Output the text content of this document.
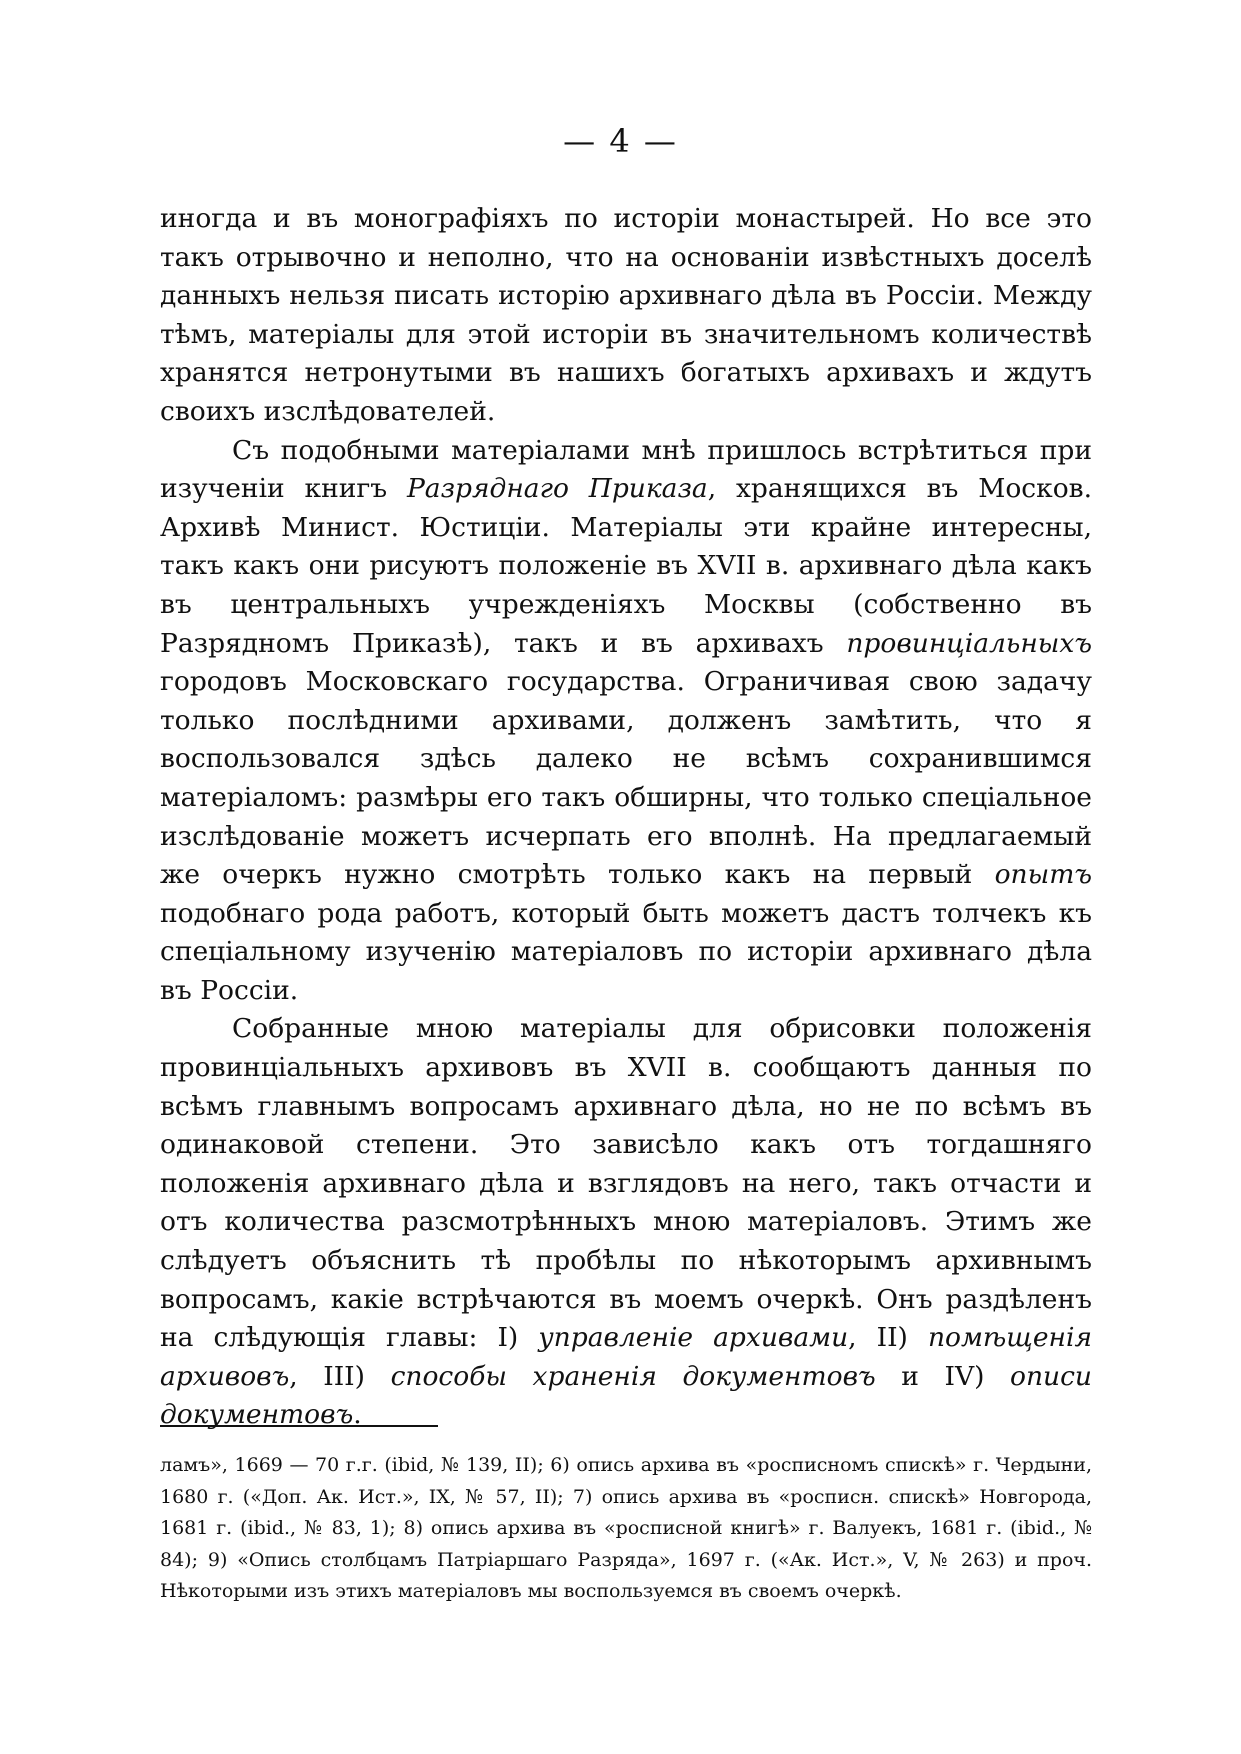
— 4 —

иногда и въ монографіяхъ по исторіи монастырей. Но все это такъ отрывочно и неполно, что на основаніи извѣстныхъ доселѣ данныхъ нельзя писать исторію архивнаго дѣла въ Россіи. Между тѣмъ, матеріалы для этой исторіи въ значительномъ количествѣ хранятся нетронутыми въ нашихъ богатыхъ архивахъ и ждутъ своихъ изслѣдователей.

Съ подобными матеріалами мнѣ пришлось встрѣтиться при изученіи книгъ Разряднаго Приказа, хранящихся въ Москов. Архивѣ Минист. Юстиціи. Матеріалы эти крайне интересны, такъ какъ они рисуютъ положеніе въ XVII в. архивнаго дѣла какъ въ центральныхъ учрежденіяхъ Москвы (собственно въ Разрядномъ Приказѣ), такъ и въ архивахъ провинціальныхъ городовъ Московскаго государства. Ограничивая свою задачу только послѣдними архивами, долженъ замѣтить, что я воспользовался здѣсь далеко не всѣмъ сохранившимся матеріаломъ: размѣры его такъ обширны, что только спеціальное изслѣдованіе можетъ исчерпать его вполнѣ. На предлагаемый же очеркъ нужно смотрѣть только какъ на первый опытъ подобнаго рода работъ, который быть можетъ дастъ толчекъ къ спеціальному изученію матеріаловъ по исторіи архивнаго дѣла въ Россіи.

Собранные мною матеріалы для обрисовки положенія провинціальныхъ архивовъ въ XVII в. сообщаютъ данныя по всѣмъ главнымъ вопросамъ архивнаго дѣла, но не по всѣмъ въ одинаковой степени. Это зависѣло какъ отъ тогдашняго положенія архивнаго дѣла и взглядовъ на него, такъ отчасти и отъ количества разсмотрѣнныхъ мною матеріаловъ. Этимъ же слѣдуетъ объяснить тѣ пробѣлы по нѣкоторымъ архивнымъ вопросамъ, какіе встрѣчаются въ моемъ очеркѣ. Онъ раздѣленъ на слѣдующія главы: I) управленіе архивами, II) помѣщенія архивовъ, III) способы храненія документовъ и IV) описи документовъ.

ламъ», 1669 — 70 г.г. (ibid, № 139, II); 6) опись архива въ «росписномъ спискѣ» г. Чердыни, 1680 г. («Доп. Ак. Ист.», IX, № 57, II); 7) опись архива въ «росписн. спискѣ» Новгорода, 1681 г. (ibid., № 83, 1); 8) опись архива въ «росписной книгѣ» г. Валуекъ, 1681 г. (ibid., № 84); 9) «Опись столбцамъ Патріаршаго Разряда», 1697 г. («Ак. Ист.», V, № 263) и проч. Нѣкоторыми изъ этихъ матеріаловъ мы воспользуемся въ своемъ очеркѣ.
